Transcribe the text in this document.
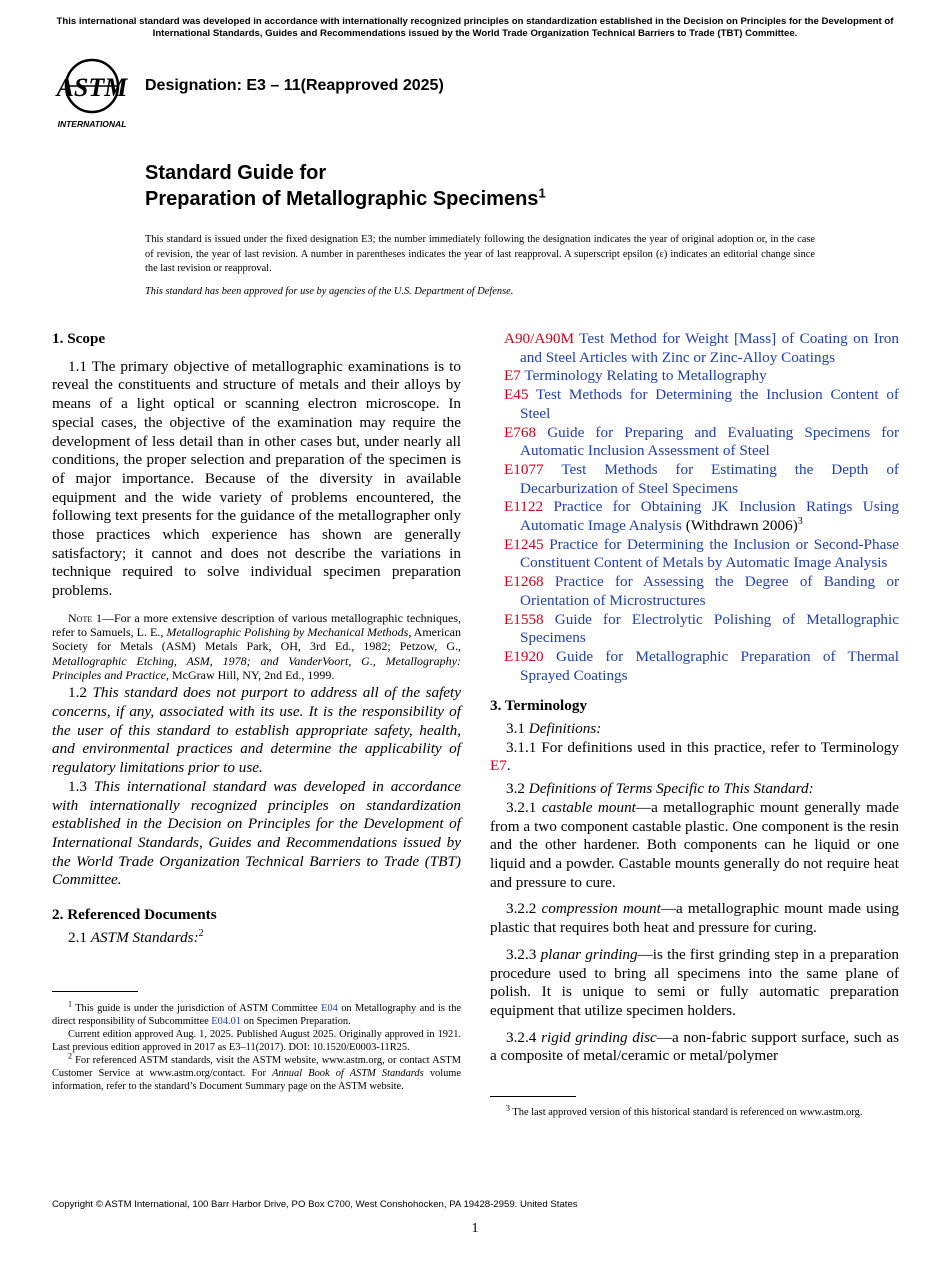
This international standard was developed in accordance with internationally recognized principles on standardization established in the Decision on Principles for the Development of International Standards, Guides and Recommendations issued by the World Trade Organization Technical Barriers to Trade (TBT) Committee.
ASTM
INTERNATIONAL
Designation: E3 – 11(Reapproved 2025)
Standard Guide for
Preparation of Metallographic Specimens$^1$
This standard is issued under the fixed designation E3; the number immediately following the designation indicates the year of original adoption or, in the case of revision, the year of last revision. A number in parentheses indicates the year of last reapproval. A superscript epsilon (ε) indicates an editorial change since the last revision or reapproval.
This standard has been approved for use by agencies of the U.S. Department of Defense.
1. Scope

1.1 The primary objective of metallographic examinations is to reveal the constituents and structure of metals and their alloys by means of a light optical or scanning electron microscope. In special cases, the objective of the examination may require the development of less detail than in other cases but, under nearly all conditions, the proper selection and preparation of the specimen is of major importance. Because of the diversity in available equipment and the wide variety of problems encountered, the following text presents for the guidance of the metallographer only those practices which experience has shown are generally satisfactory; it cannot and does not describe the variations in technique required to solve individual specimen preparation problems.

Note 1—For a more extensive description of various metallographic techniques, refer to Samuels, L. E., Metallographic Polishing by Mechanical Methods, American Society for Metals (ASM) Metals Park, OH, 3rd Ed., 1982; Petzow, G., Metallographic Etching, ASM, 1978; and VanderVoort, G., Metallography: Principles and Practice, McGraw Hill, NY, 2nd Ed., 1999.

1.2 This standard does not purport to address all of the safety concerns, if any, associated with its use. It is the responsibility of the user of this standard to establish appropriate safety, health, and environmental practices and determine the applicability of regulatory limitations prior to use.

1.3 This international standard was developed in accordance with internationally recognized principles on standardization established in the Decision on Principles for the Development of International Standards, Guides and Recommendations issued by the World Trade Organization Technical Barriers to Trade (TBT) Committee.

2. Referenced Documents

2.1 ASTM Standards:$^2$

$^1$ This guide is under the jurisdiction of ASTM Committee E04 on Metallography and is the direct responsibility of Subcommittee E04.01 on Specimen Preparation.

Current edition approved Aug. 1, 2025. Published August 2025. Originally approved in 1921. Last previous edition approved in 2017 as E3–11(2017). DOI: 10.1520/E0003-11R25.

$^2$ For referenced ASTM standards, visit the ASTM website, www.astm.org, or contact ASTM Customer Service at www.astm.org/contact. For Annual Book of ASTM Standards volume information, refer to the standard’s Document Summary page on the ASTM website.

A90/A90M Test Method for Weight [Mass] of Coating on Iron and Steel Articles with Zinc or Zinc-Alloy Coatings

E7 Terminology Relating to Metallography

E45 Test Methods for Determining the Inclusion Content of Steel

E768 Guide for Preparing and Evaluating Specimens for Automatic Inclusion Assessment of Steel

E1077 Test Methods for Estimating the Depth of Decarburization of Steel Specimens

E1122 Practice for Obtaining JK Inclusion Ratings Using Automatic Image Analysis (Withdrawn 2006)$^3$

E1245 Practice for Determining the Inclusion or Second-Phase Constituent Content of Metals by Automatic Image Analysis

E1268 Practice for Assessing the Degree of Banding or Orientation of Microstructures

E1558 Guide for Electrolytic Polishing of Metallographic Specimens

E1920 Guide for Metallographic Preparation of Thermal Sprayed Coatings

3. Terminology

3.1 Definitions:

3.1.1 For definitions used in this practice, refer to Terminology E7.

3.2 Definitions of Terms Specific to This Standard:

3.2.1 castable mount—a metallographic mount generally made from a two component castable plastic. One component is the resin and the other hardener. Both components can he liquid or one liquid and a powder. Castable mounts generally do not require heat and pressure to cure.

3.2.2 compression mount—a metallographic mount made using plastic that requires both heat and pressure for curing.

3.2.3 planar grinding—is the first grinding step in a preparation procedure used to bring all specimens into the same plane of polish. It is unique to semi or fully automatic preparation equipment that utilize specimen holders.

3.2.4 rigid grinding disc—a non-fabric support surface, such as a composite of metal/ceramic or metal/polymer

$^3$ The last approved version of this historical standard is referenced on www.astm.org.

Copyright © ASTM International, 100 Barr Harbor Drive, PO Box C700, West Conshohocken, PA 19428-2959. United States
1
